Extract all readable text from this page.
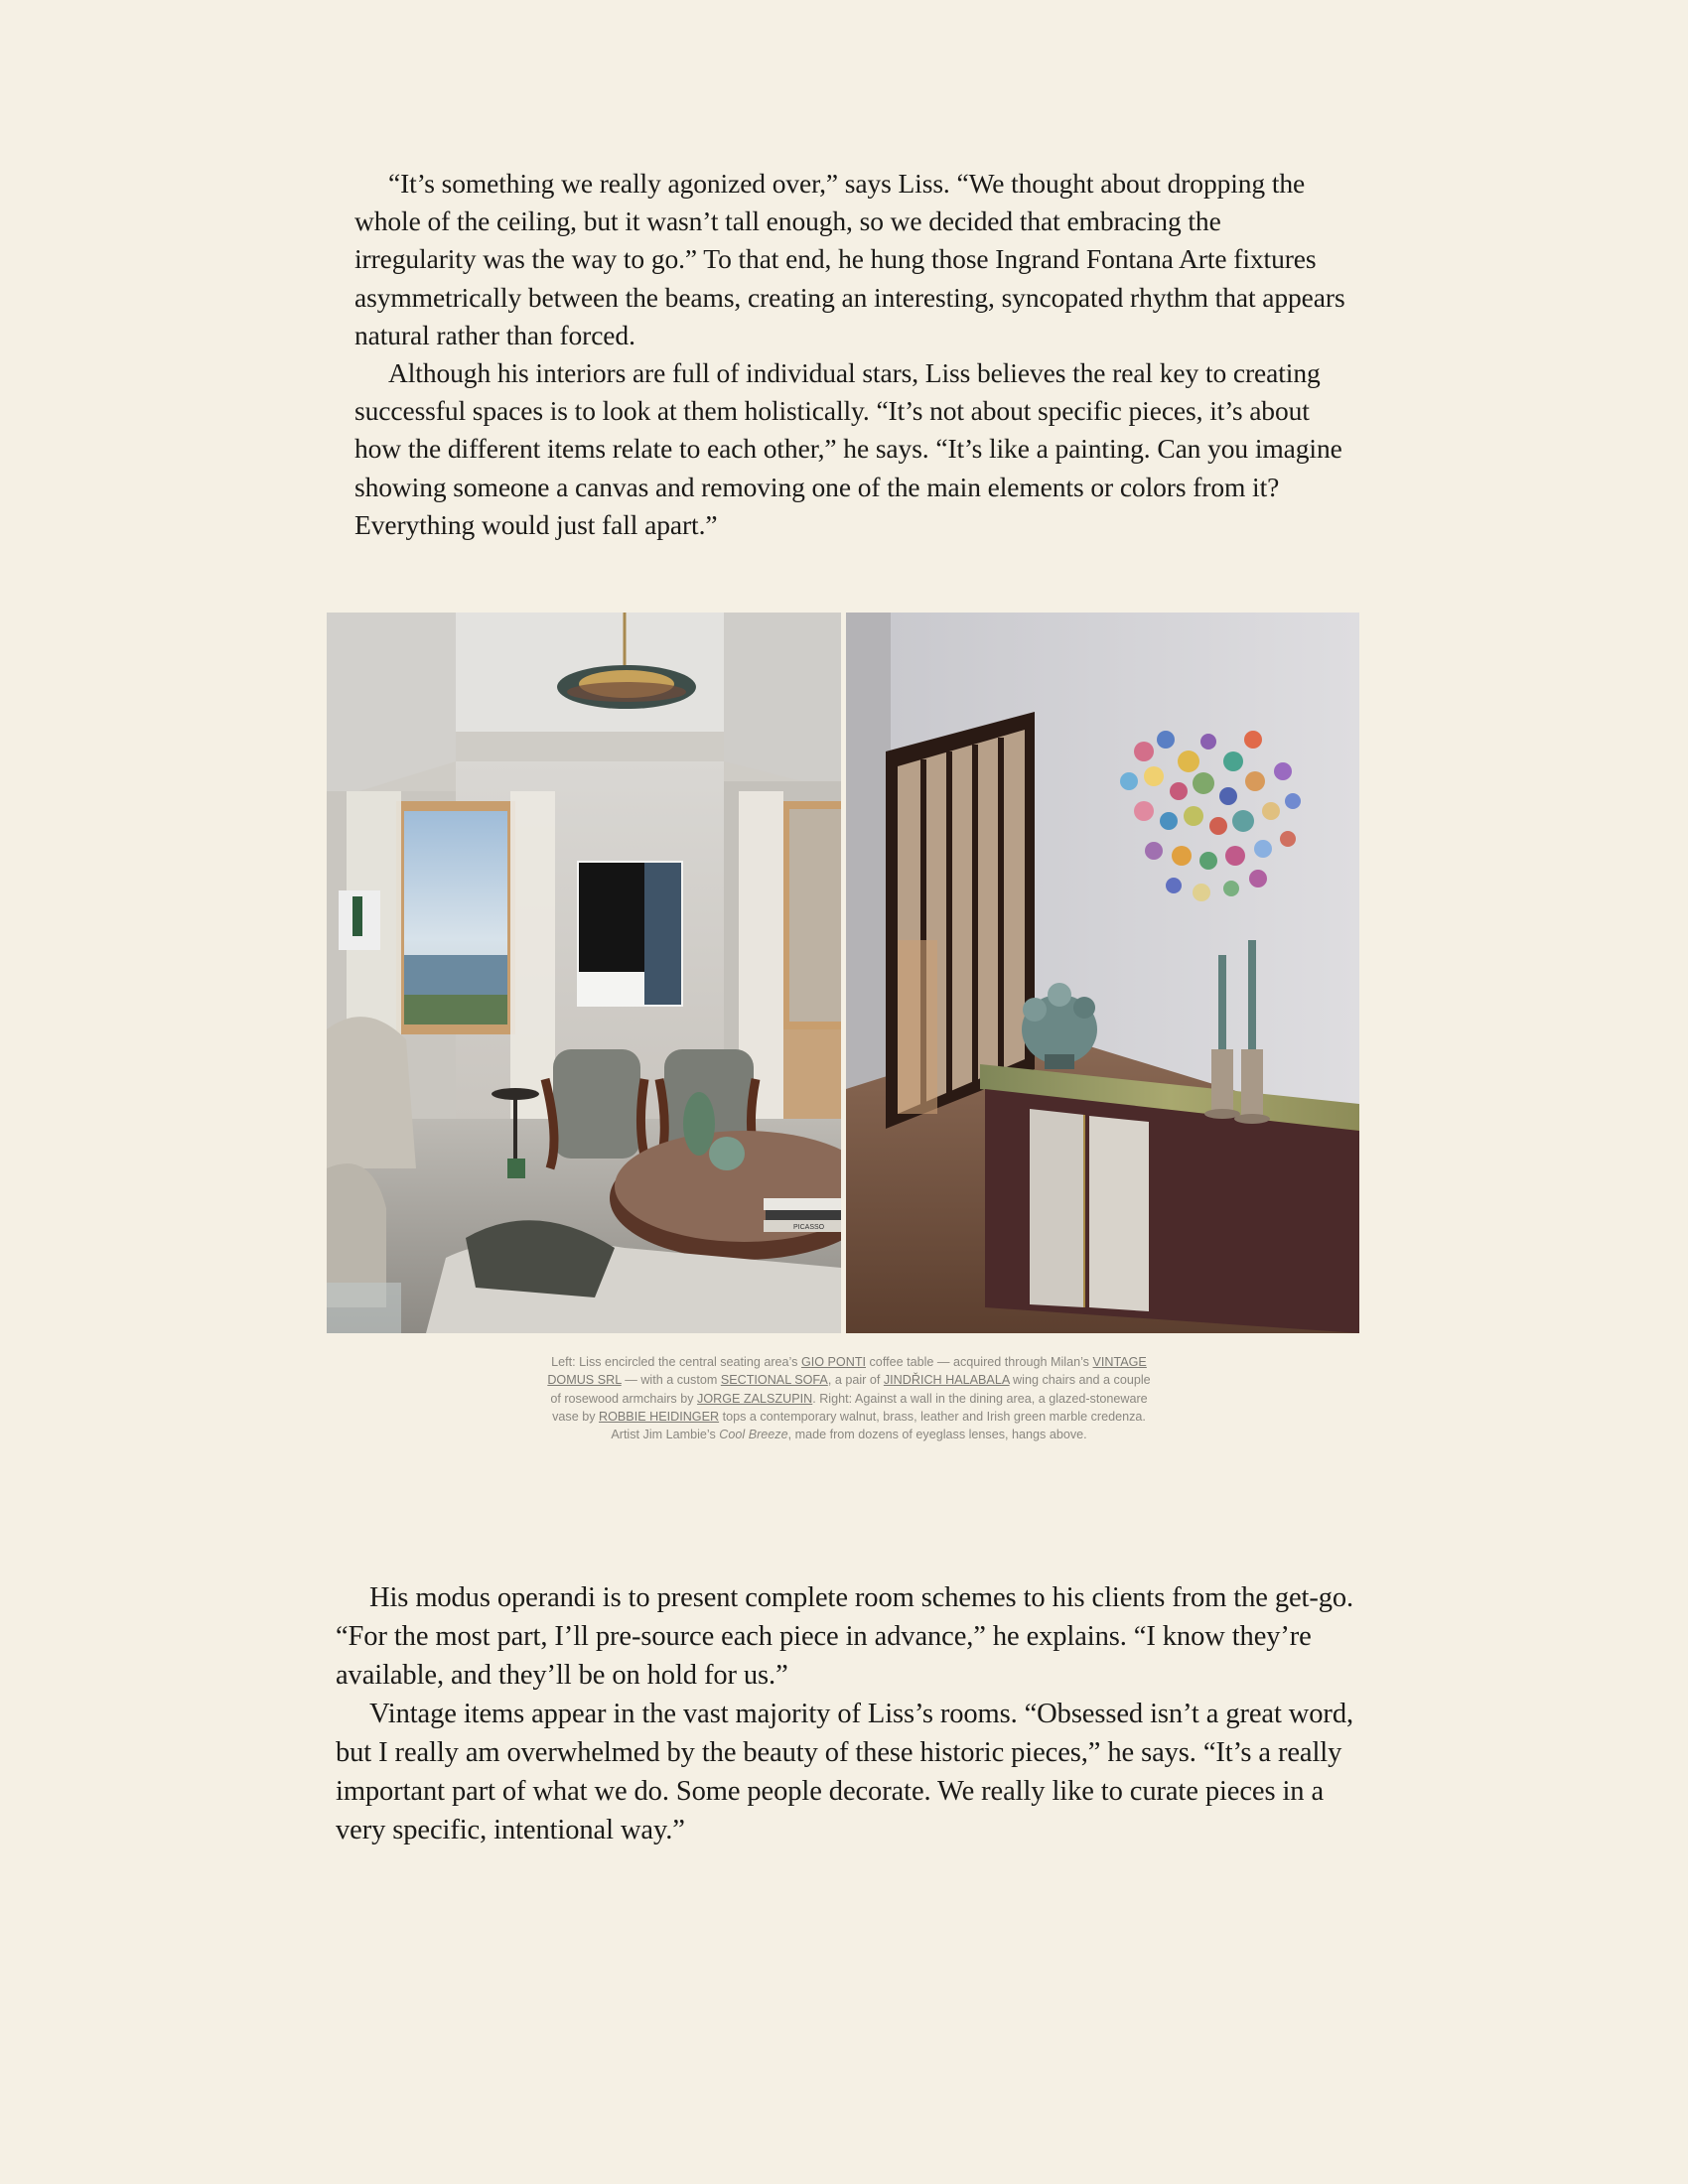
“It’s something we really agonized over,” says Liss. “We thought about dropping the whole of the ceiling, but it wasn’t tall enough, so we decided that embracing the irregularity was the way to go.” To that end, he hung those Ingrand Fontana Arte fixtures asymmetrically between the beams, creating an interesting, syncopated rhythm that appears natural rather than forced.

Although his interiors are full of individual stars, Liss believes the real key to creating successful spaces is to look at them holistically. “It’s not about specific pieces, it’s about how the different items relate to each other,” he says. “It’s like a painting. Can you imagine showing someone a canvas and removing one of the main elements or colors from it? Everything would just fall apart.”

PICASSO
Left: Liss encircled the central seating area’s GIO PONTI coffee table — acquired through Milan’s VINTAGE DOMUS SRL — with a custom SECTIONAL SOFA, a pair of JINDŘICH HALABALA wing chairs and a couple of rosewood armchairs by JORGE ZALSZUPIN. Right: Against a wall in the dining area, a glazed-stoneware vase by ROBBIE HEIDINGER tops a contemporary walnut, brass, leather and Irish green marble credenza. Artist Jim Lambie’s Cool Breeze, made from dozens of eyeglass lenses, hangs above.

His modus operandi is to present complete room schemes to his clients from the get-go. “For the most part, I’ll pre-source each piece in advance,” he explains. “I know they’re available, and they’ll be on hold for us.”

Vintage items appear in the vast majority of Liss’s rooms. “Obsessed isn’t a great word, but I really am overwhelmed by the beauty of these historic pieces,” he says. “It’s a really important part of what we do. Some people decorate. We really like to curate pieces in a very specific, intentional way.”
